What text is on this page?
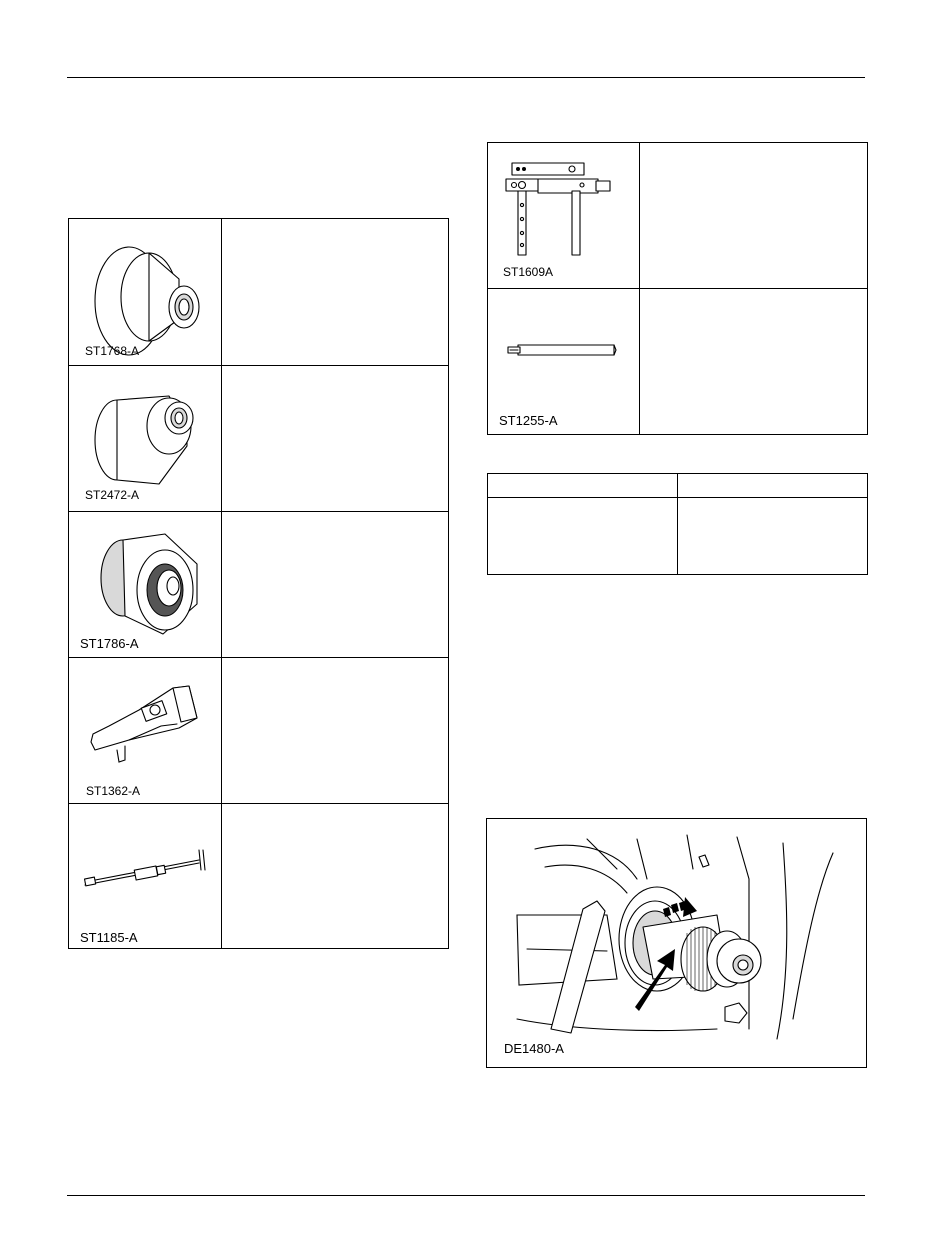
ST1768-A
ST2472-A
ST1786-A
ST1362-A
ST1185-A
ST1609A
ST1255-A
DE1480-A
